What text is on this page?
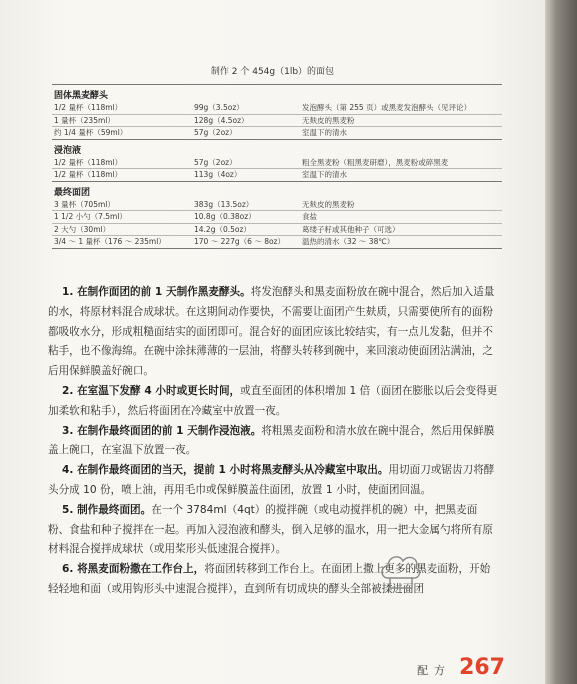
制作 2 个 454g（1lb）的面包
固体黑麦酵头
1/2 量杯（118ml）	99g（3.5oz）	发泡酵头（第 255 页）或黑麦发泡酵头（见评论）
1 量杯（235ml）	128g（4.5oz）	无麸皮的黑麦粉
约 1/4 量杯（59ml）	57g（2oz）	室温下的清水
浸泡液
1/2 量杯（118ml）	57g（2oz）	粗全黑麦粉（粗黑麦研磨），黑麦粉或碎黑麦
1/2 量杯（118ml）	113g（4oz）	室温下的清水
最终面团
3 量杯（705ml）	383g（13.5oz）	无麸皮的黑麦粉
1 1/2 小勺（7.5ml）	10.8g（0.38oz）	食盐
2 大勺（30ml）	14.2g（0.5oz）	葛缕子籽或其他种子（可选）
3/4 ～ 1 量杯（176 ～ 235ml）	170 ～ 227g（6 ～ 8oz）	温热的清水（32 ～ 38℃）

1. 在制作面团的前 1 天制作黑麦酵头。将发泡酵头和黑麦面粉放在碗中混合，然后加入适量的水，将原材料混合成球状。在这期间动作要快，不需要让面团产生麸质，只需要使所有的面粉都吸收水分，形成粗糙面结实的面团即可。混合好的面团应该比较结实，有一点儿发黏，但并不粘手，也不像海绵。在碗中涂抹薄薄的一层油，将酵头转移到碗中，来回滚动使面团沾满油，之后用保鲜膜盖好碗口。

2. 在室温下发酵 4 小时或更长时间，或直至面团的体积增加 1 倍（面团在膨胀以后会变得更加柔软和粘手），然后将面团在冷藏室中放置一夜。

3. 在制作最终面团的前 1 天制作浸泡液。将粗黑麦面粉和清水放在碗中混合，然后用保鲜膜盖上碗口，在室温下放置一夜。

4. 在制作最终面团的当天，提前 1 小时将黑麦酵头从冷藏室中取出。用切面刀或锯齿刀将酵头分成 10 份，喷上油，再用毛巾或保鲜膜盖住面团，放置 1 小时，使面团回温。

5. 制作最终面团。在一个 3784ml（4qt）的搅拌碗（或电动搅拌机的碗）中，把黑麦面粉、食盐和种子搅拌在一起。再加入浸泡液和酵头，倒入足够的温水，用一把大金属勺将所有原材料混合搅拌成球状（或用桨形头低速混合搅拌）。

6. 将黑麦面粉撒在工作台上，将面团转移到工作台上。在面团上撒上更多的黑麦面粉，开始轻轻地和面（或用钩形头中速混合搅拌），直到所有切成块的酵头全部被揉进面团

配方 267
